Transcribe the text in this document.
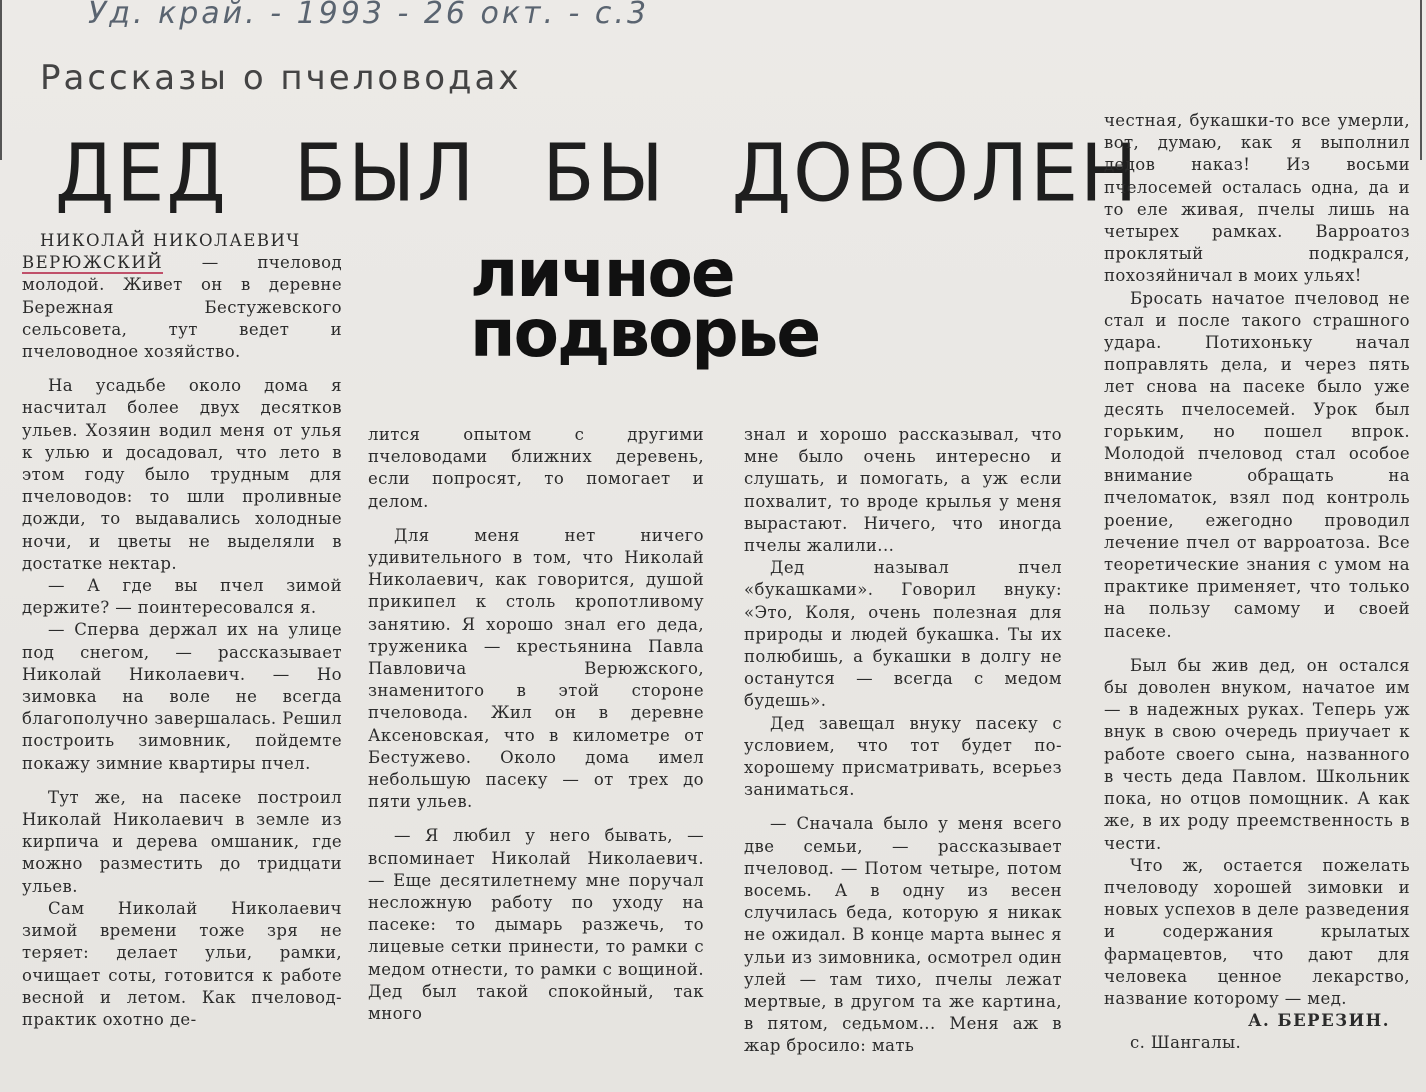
Уд. край. - 1993 - 26 окт. - с.3
Рассказы о пчеловодах
ДЕД БЫЛ БЫ ДОВОЛЕН
личное
подворье

НИКОЛАЙ НИКОЛАЕВИЧ
ВЕРЮЖСКИЙ — пчеловод молодой. Живет он в деревне Бережная Бестужевского сельсовета, тут ведет и пчеловодное хозяйство.

На усадьбе около дома я насчитал более двух десятков ульев. Хозяин водил меня от улья к улью и досадовал, что лето в этом году было трудным для пчеловодов: то шли проливные дожди, то выдавались холодные ночи, и цветы не выделяли в достатке нектар.

— А где вы пчел зимой держите? — поинтересовался я.

— Сперва держал их на улице под снегом, — рассказывает Николай Николаевич. — Но зимовка на воле не всегда благополучно завершалась. Решил построить зимовник, пойдемте покажу зимние квартиры пчел.

Тут же, на пасеке построил Николай Николаевич в земле из кирпича и дерева омшаник, где можно разместить до тридцати ульев.

Сам Николай Николаевич зимой времени тоже зря не теряет: делает ульи, рамки, очищает соты, готовится к работе весной и летом. Как пчеловод-практик охотно де-

лится опытом с другими пчеловодами ближних деревень, если попросят, то помогает и делом.

Для меня нет ничего удивительного в том, что Николай Николаевич, как говорится, душой прикипел к столь кропотливому занятию. Я хорошо знал его деда, труженика — крестьянина Павла Павловича Верюжского, знаменитого в этой стороне пчеловода. Жил он в деревне Аксеновская, что в километре от Бестужево. Около дома имел небольшую пасеку — от трех до пяти ульев.

— Я любил у него бывать, — вспоминает Николай Николаевич. — Еще десятилетнему мне поручал несложную работу по уходу на пасеке: то дымарь разжечь, то лицевые сетки принести, то рамки с медом отнести, то рамки с вощиной. Дед был такой спокойный, так много

знал и хорошо рассказывал, что мне было очень интересно и слушать, и помогать, а уж если похвалит, то вроде крылья у меня вырастают. Ничего, что иногда пчелы жалили...

Дед называл пчел «букашками». Говорил внуку: «Это, Коля, очень полезная для природы и людей букашка. Ты их полюбишь, а букашки в долгу не останутся — всегда с медом будешь».

Дед завещал внуку пасеку с условием, что тот будет по-хорошему присматривать, всерьез заниматься.

— Сначала было у меня всего две семьи, — рассказывает пчеловод. — Потом четыре, потом восемь. А в одну из весен случилась беда, которую я никак не ожидал. В конце марта вынес я ульи из зимовника, осмотрел один улей — там тихо, пчелы лежат мертвые, в другом та же картина, в пятом, седьмом... Меня аж в жар бросило: мать

честная, букашки-то все умерли, вот, думаю, как я выполнил дедов наказ! Из восьми пчелосемей осталась одна, да и то еле живая, пчелы лишь на четырех рамках. Варроатоз проклятый подкрался, похозяйничал в моих ульях!

Бросать начатое пчеловод не стал и после такого страшного удара. Потихоньку начал поправлять дела, и через пять лет снова на пасеке было уже десять пчелосемей. Урок был горьким, но пошел впрок. Молодой пчеловод стал особое внимание обращать на пчеломаток, взял под контроль роение, ежегодно проводил лечение пчел от варроатоза. Все теоретические знания с умом на практике применяет, что только на пользу самому и своей пасеке.

Был бы жив дед, он остался бы доволен внуком, начатое им — в надежных руках. Теперь уж внук в свою очередь приучает к работе своего сына, названного в честь деда Павлом. Школьник пока, но отцов помощник. А как же, в их роду преемственность в чести.

Что ж, остается пожелать пчеловоду хорошей зимовки и новых успехов в деле разведения и содержания крылатых фармацевтов, что дают для человека ценное лекарство, название которому — мед.

А. БЕРЕЗИН.

с. Шангалы.
